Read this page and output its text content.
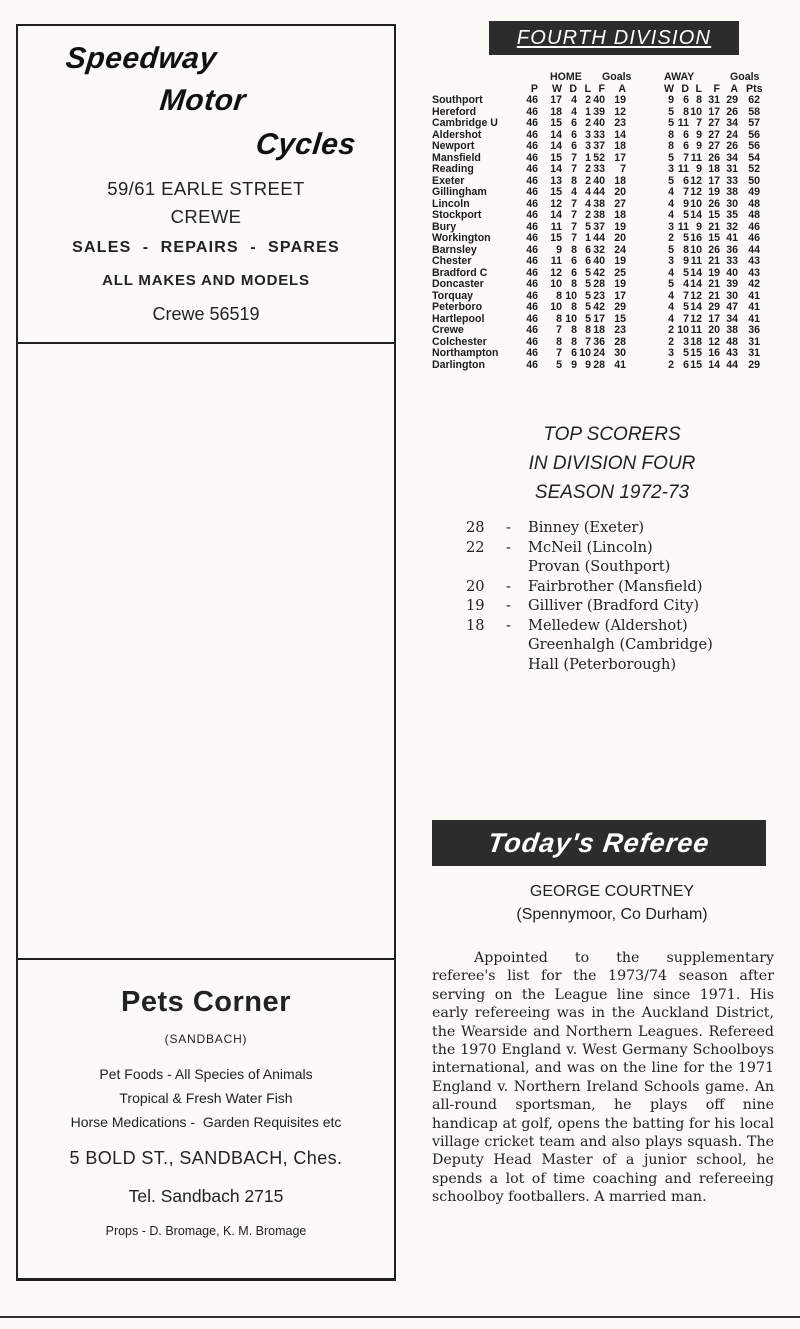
Speedway
Motor
Cycles
59/61 EARLE STREET
CREWE
SALES  -  REPAIRS  -  SPARES
ALL MAKES AND MODELS
Crewe 56519
Pets Corner
(SANDBACH)
Pet Foods - All Species of Animals
Tropical & Fresh Water Fish
Horse Medications -  Garden Requisites etc
5 BOLD ST., SANDBACH, Ches.
Tel. Sandbach 2715
Props - D. Bromage, K. M. Bromage
FOURTH DIVISION
HOME Goals	AWAY	Goals
P	W D L F	A	W D L	F A Pts
Southport	46 17 4 2 40 19	9 6 8 31 29 62
Hereford	46 18 4 1 39 12	5 8 10 17 26 58
Cambridge U	46 15 6 2 40 23	5 11 7 27 34 57
Aldershot	46 14 6 3 33 14	8 6 9 27 24 56
Newport	46 14 6 3 37 18	8 6 9 27 26 56
Mansfield	46 15 7 1 52 17	5 7 11 26 34 54
Reading	46 14 7 2 33	7	3 11 9 18 31 52
Exeter	46 13 8 2 40 18	5 6 12 17 33 50
Gillingham	46 15 4 4 44 20	4 7 12 19 38 49
Lincoln	46 12 7 4 38 27	4 9 10 26 30 48
Stockport	46 14 7 2 38 18	4 5 14 15 35 48
Bury	46 11 7 5 37 19	3 11 9 21 32 46
Workington	46 15 7 1 44 20	2 5 16 15 41 46
Barnsley	46	9 8 6 32 24	5 8 10 26 36 44
Chester	46 11 6 6 40 19	3 9 11 21 33 43
Bradford C	46 12 6 5 42 25	4 5 14 19 40 43
Doncaster	46 10 8 5 28 19	5 4 14 21 39 42
Torquay	46	8 10 5 23 17	4 7 12 21 30 41
Peterboro	46 10 8 5 42 29	4 5 14 29 47 41
Hartlepool	46	8 10 5 17 15	4 7 12 17 34 41
Crewe	46	7 8 8 18 23	2 10 11 20 38 36
Colchester	46	8 8 7 36 28	2 3 18 12 48 31
Northampton	46	7 6 10 24 30	3 5 15 16 43 31
Darlington	46	5 9 9 28 41	2 6 15 14 44 29
TOP SCORERS
IN DIVISION FOUR
SEASON 1972-73
28	- Binney (Exeter)
22	- McNeil (Lincoln)
Provan (Southport)
20	- Fairbrother (Mansfield)
19	- Gilliver (Bradford City)
18	- Melledew (Aldershot)
Greenhalgh (Cambridge)
Hall (Peterborough)
Today's Referee
GEORGE COURTNEY
(Spennymoor, Co Durham)
Appointed to the supplementary referee's list for the 1973/74 season after serving on the League line since 1971. His early refereeing was in the Auckland District, the Wearside and Northern Leagues. Refereed the 1970 England v. West Germany Schoolboys international, and was on the line for the 1971 England v. Northern Ireland Schools game. An all-round sportsman, he plays off nine handicap at golf, opens the batting for his local village cricket team and also plays squash. The Deputy Head Master of a junior school, he spends a lot of time coaching and refereeing schoolboy footballers. A married man.
